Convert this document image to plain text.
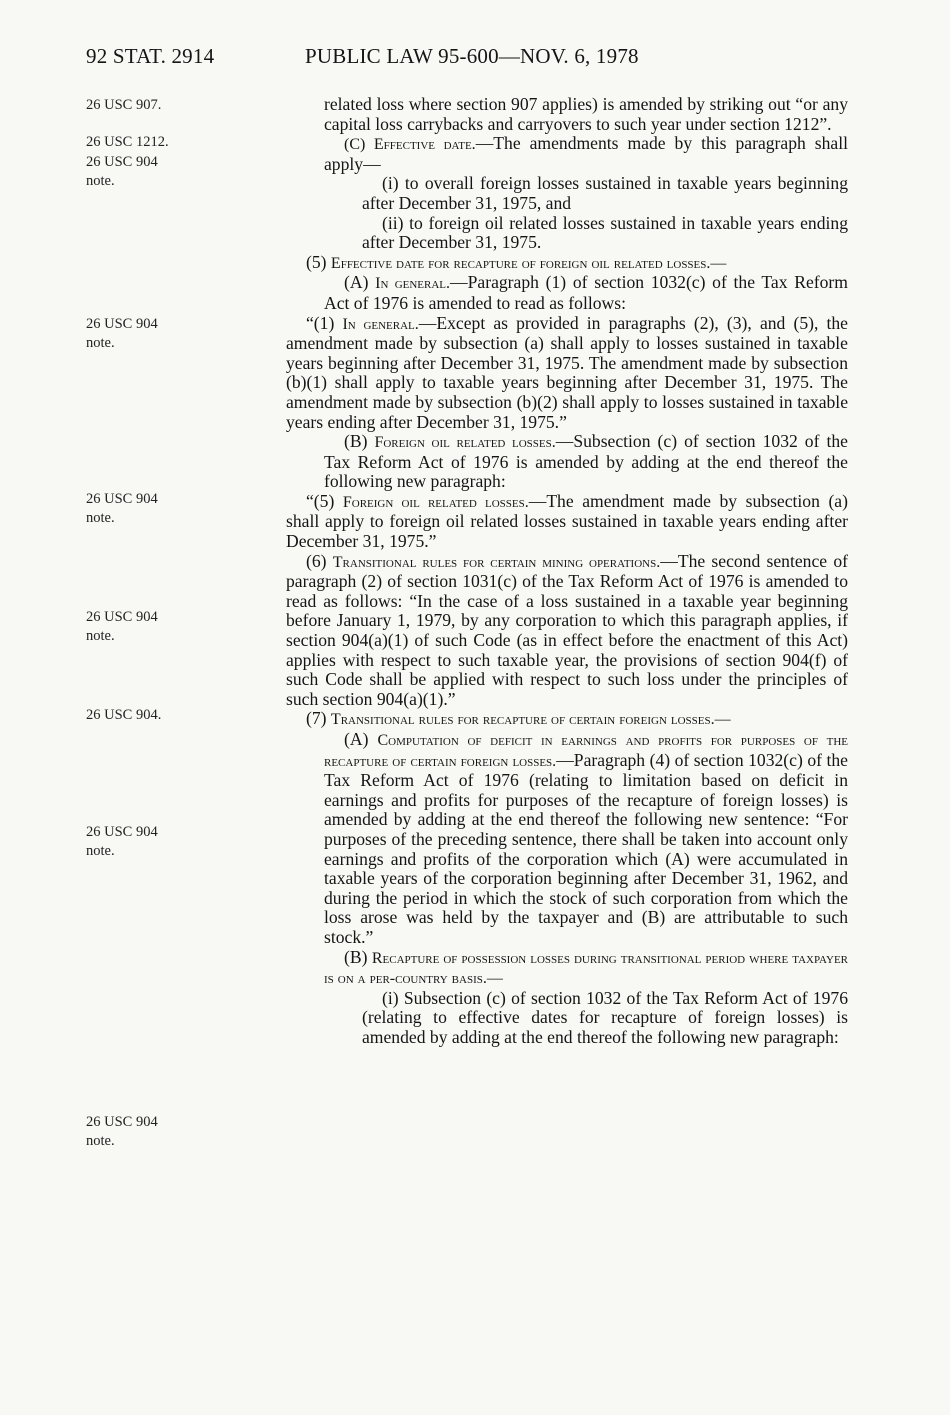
92 STAT. 2914	PUBLIC LAW 95-600—NOV. 6, 1978
26 USC 907.
26 USC 1212.
26 USC 904
note.
26 USC 904
note.
26 USC 904
note.
26 USC 904
note.
26 USC 904.
26 USC 904
note.
26 USC 904
note.

related loss where section 907 applies) is amended by striking out “or any capital loss carrybacks and carryovers to such year under section 1212”.

(C) Effective date.—The amendments made by this paragraph shall apply—

(i) to overall foreign losses sustained in taxable years beginning after December 31, 1975, and

(ii) to foreign oil related losses sustained in taxable years ending after December 31, 1975.

(5) Effective date for recapture of foreign oil related losses.—

(A) In general.—Paragraph (1) of section 1032(c) of the Tax Reform Act of 1976 is amended to read as follows:

“(1) In general.—Except as provided in paragraphs (2), (3), and (5), the amendment made by subsection (a) shall apply to losses sustained in taxable years beginning after December 31, 1975. The amendment made by subsection (b)(1) shall apply to taxable years beginning after December 31, 1975. The amendment made by subsection (b)(2) shall apply to losses sustained in taxable years ending after December 31, 1975.”

(B) Foreign oil related losses.—Subsection (c) of section 1032 of the Tax Reform Act of 1976 is amended by adding at the end thereof the following new paragraph:

“(5) Foreign oil related losses.—The amendment made by subsection (a) shall apply to foreign oil related losses sustained in taxable years ending after December 31, 1975.”

(6) Transitional rules for certain mining operations.—The second sentence of paragraph (2) of section 1031(c) of the Tax Reform Act of 1976 is amended to read as follows: “In the case of a loss sustained in a taxable year beginning before January 1, 1979, by any corporation to which this paragraph applies, if section 904(a)(1) of such Code (as in effect before the enactment of this Act) applies with respect to such taxable year, the provisions of section 904(f) of such Code shall be applied with respect to such loss under the principles of such section 904(a)(1).”

(7) Transitional rules for recapture of certain foreign losses.—

(A) Computation of deficit in earnings and profits for purposes of the recapture of certain foreign losses.—Paragraph (4) of section 1032(c) of the Tax Reform Act of 1976 (relating to limitation based on deficit in earnings and profits for purposes of the recapture of foreign losses) is amended by adding at the end thereof the following new sentence: “For purposes of the preceding sentence, there shall be taken into account only earnings and profits of the corporation which (A) were accumulated in taxable years of the corporation beginning after December 31, 1962, and during the period in which the stock of such corporation from which the loss arose was held by the taxpayer and (B) are attributable to such stock.”

(B) Recapture of possession losses during transitional period where taxpayer is on a per-country basis.—

(i) Subsection (c) of section 1032 of the Tax Reform Act of 1976 (relating to effective dates for recapture of foreign losses) is amended by adding at the end thereof the following new paragraph:
